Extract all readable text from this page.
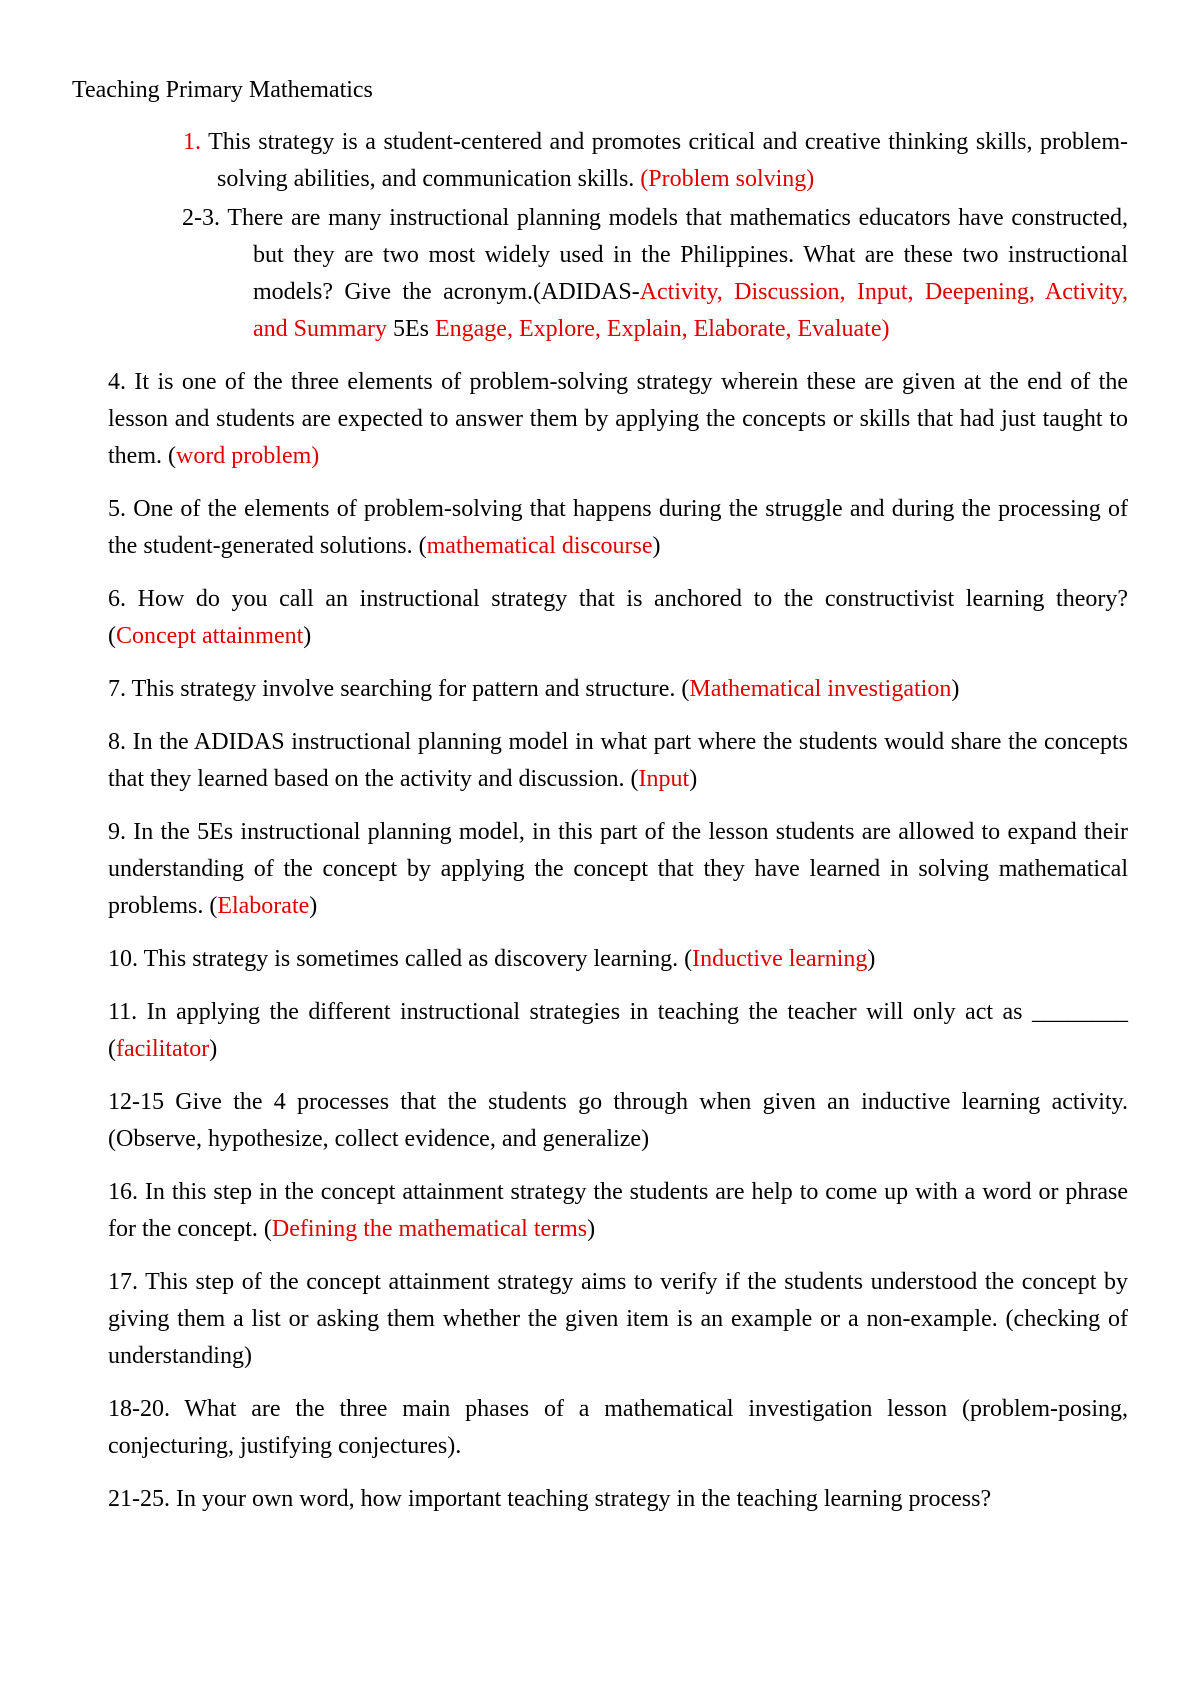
Teaching Primary Mathematics

1. This strategy is a student-centered and promotes critical and creative thinking skills, problem-solving abilities, and communication skills. (Problem solving)

2-3. There are many instructional planning models that mathematics educators have constructed, but they are two most widely used in the Philippines. What are these two instructional models? Give the acronym.(ADIDAS-Activity, Discussion, Input, Deepening, Activity, and Summary 5Es Engage, Explore, Explain, Elaborate, Evaluate)

4. It is one of the three elements of problem-solving strategy wherein these are given at the end of the lesson and students are expected to answer them by applying the concepts or skills that had just taught to them. (word problem)

5. One of the elements of problem-solving that happens during the struggle and during the processing of the student-generated solutions. (mathematical discourse)

6. How do you call an instructional strategy that is anchored to the constructivist learning theory? (Concept attainment)

7. This strategy involve searching for pattern and structure. (Mathematical investigation)

8. In the ADIDAS instructional planning model in what part where the students would share the concepts that they learned based on the activity and discussion. (Input)

9. In the 5Es instructional planning model, in this part of the lesson students are allowed to expand their understanding of the concept by applying the concept that they have learned in solving mathematical problems. (Elaborate)

10. This strategy is sometimes called as discovery learning. (Inductive learning)

11. In applying the different instructional strategies in teaching the teacher will only act as ________ (facilitator)

12-15 Give the 4 processes that the students go through when given an inductive learning activity. (Observe, hypothesize, collect evidence, and generalize)

16. In this step in the concept attainment strategy the students are help to come up with a word or phrase for the concept. (Defining the mathematical terms)

17. This step of the concept attainment strategy aims to verify if the students understood the concept by giving them a list or asking them whether the given item is an example or a non-example. (checking of understanding)

18-20. What are the three main phases of a mathematical investigation lesson (problem-posing, conjecturing, justifying conjectures).

21-25. In your own word, how important teaching strategy in the teaching learning process?
